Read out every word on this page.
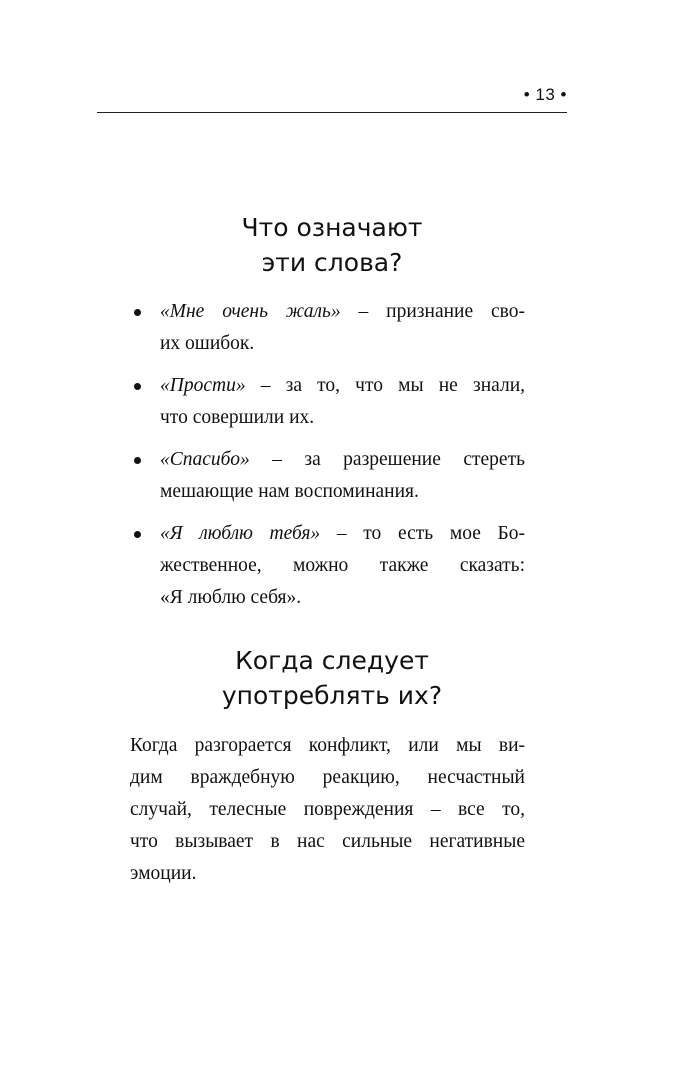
• 13 •
Что означают
эти слова?
«Мне очень жаль» – признание сво-
их ошибок.
«Прости» – за то, что мы не знали,
что совершили их.
«Спасибо» – за разрешение стереть
мешающие нам воспоминания.
«Я люблю тебя» – то есть мое Бо-
жественное, можно также сказать:
«Я люблю себя».
Когда следует
употреблять их?

Когда разгорается конфликт, или мы ви-
дим враждебную реакцию, несчастный
случай, телесные повреждения – все то,
что вызывает в нас сильные негативные
эмоции.
